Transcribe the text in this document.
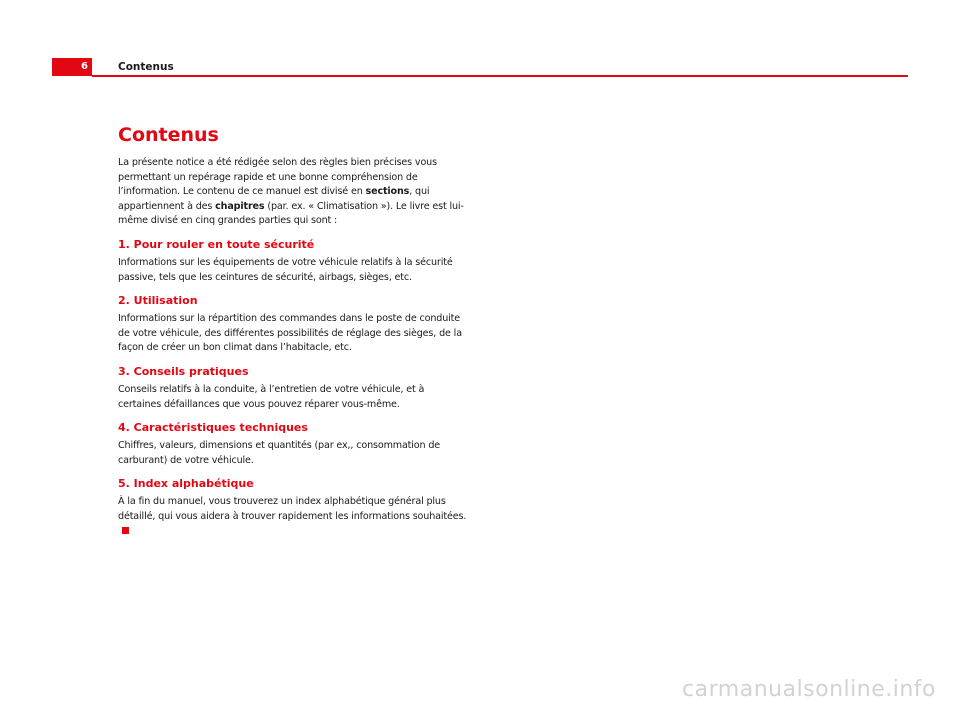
6	Contenus
Contenus

La présente notice a été rédigée selon des règles bien précises vous permettant un repérage rapide et une bonne compréhension de l’information. Le contenu de ce manuel est divisé en sections, qui appartiennent à des chapitres (par. ex. « Climatisation »). Le livre est lui-même divisé en cinq grandes parties qui sont :

1. Pour rouler en toute sécurité

Informations sur les équipements de votre véhicule relatifs à la sécurité passive, tels que les ceintures de sécurité, airbags, sièges, etc.

2. Utilisation

Informations sur la répartition des commandes dans le poste de conduite de votre véhicule, des différentes possibilités de réglage des sièges, de la façon de créer un bon climat dans l’habitacle, etc.

3. Conseils pratiques

Conseils relatifs à la conduite, à l’entretien de votre véhicule, et à certaines défaillances que vous pouvez réparer vous-même.

4. Caractéristiques techniques

Chiffres, valeurs, dimensions et quantités (par ex,, consommation de carburant) de votre véhicule.

5. Index alphabétique

À la fin du manuel, vous trouverez un index alphabétique général plus détaillé, qui vous aidera à trouver rapidement les informations souhaitées.

carmanualsonline.info
